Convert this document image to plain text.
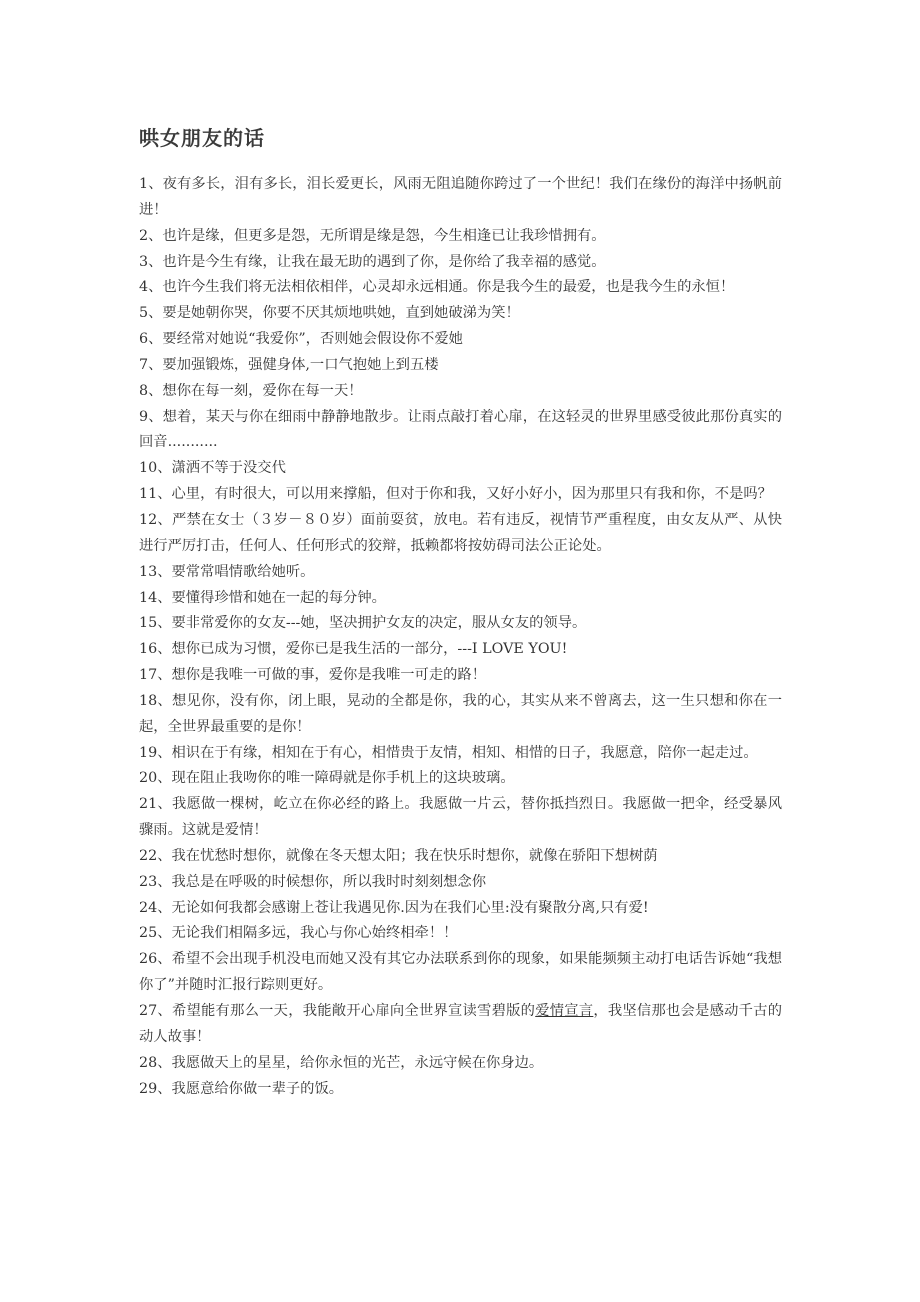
哄女朋友的话
1、夜有多长，泪有多长，泪长爱更长，风雨无阻追随你跨过了一个世纪！我们在缘份的海洋中扬帆前进！
2、也许是缘，但更多是怨，无所谓是缘是怨，今生相逢已让我珍惜拥有。
3、也许是今生有缘，让我在最无助的遇到了你，是你给了我幸福的感觉。
4、也许今生我们将无法相依相伴，心灵却永远相通。你是我今生的最爱，也是我今生的永恒！
5、要是她朝你哭，你要不厌其烦地哄她，直到她破涕为笑！
6、要经常对她说“我爱你”，否则她会假设你不爱她
7、要加强锻炼，强健身体,一口气抱她上到五楼
8、想你在每一刻，爱你在每一天！
9、想着，某天与你在细雨中静静地散步。让雨点敲打着心扉，在这轻灵的世界里感受彼此那份真实的回音...........
10、潇洒不等于没交代
11、心里，有时很大，可以用来撑船，但对于你和我，又好小好小，因为那里只有我和你，不是吗？
12、严禁在女士（３岁－８０岁）面前耍贫，放电。若有违反，视情节严重程度，由女友从严、从快进行严厉打击，任何人、任何形式的狡辩，抵赖都将按妨碍司法公正论处。
13、要常常唱情歌给她听。
14、要懂得珍惜和她在一起的每分钟。
15、要非常爱你的女友---她，坚决拥护女友的决定，服从女友的领导。
16、想你已成为习惯，爱你已是我生活的一部分，---I LOVE YOU!
17、想你是我唯一可做的事，爱你是我唯一可走的路！
18、想见你，没有你，闭上眼，晃动的全都是你，我的心，其实从来不曾离去，这一生只想和你在一起，全世界最重要的是你！
19、相识在于有缘，相知在于有心，相惜贵于友情，相知、相惜的日子，我愿意，陪你一起走过。
20、现在阻止我吻你的唯一障碍就是你手机上的这块玻璃。
21、我愿做一棵树，屹立在你必经的路上。我愿做一片云，替你抵挡烈日。我愿做一把伞，经受暴风骤雨。这就是爱情！
22、我在忧愁时想你，就像在冬天想太阳；我在快乐时想你，就像在骄阳下想树荫
23、我总是在呼吸的时候想你，所以我时时刻刻想念你
24、无论如何我都会感谢上苍让我遇见你.因为在我们心里:没有聚散分离,只有爱!
25、无论我们相隔多远，我心与你心始终相牵！！
26、希望不会出现手机没电而她又没有其它办法联系到你的现象，如果能频频主动打电话告诉她“我想你了”并随时汇报行踪则更好。
27、希望能有那么一天，我能敞开心扉向全世界宣读雪碧版的爱情宣言，我坚信那也会是感动千古的动人故事！
28、我愿做天上的星星，给你永恒的光芒，永远守候在你身边。
29、我愿意给你做一辈子的饭。
